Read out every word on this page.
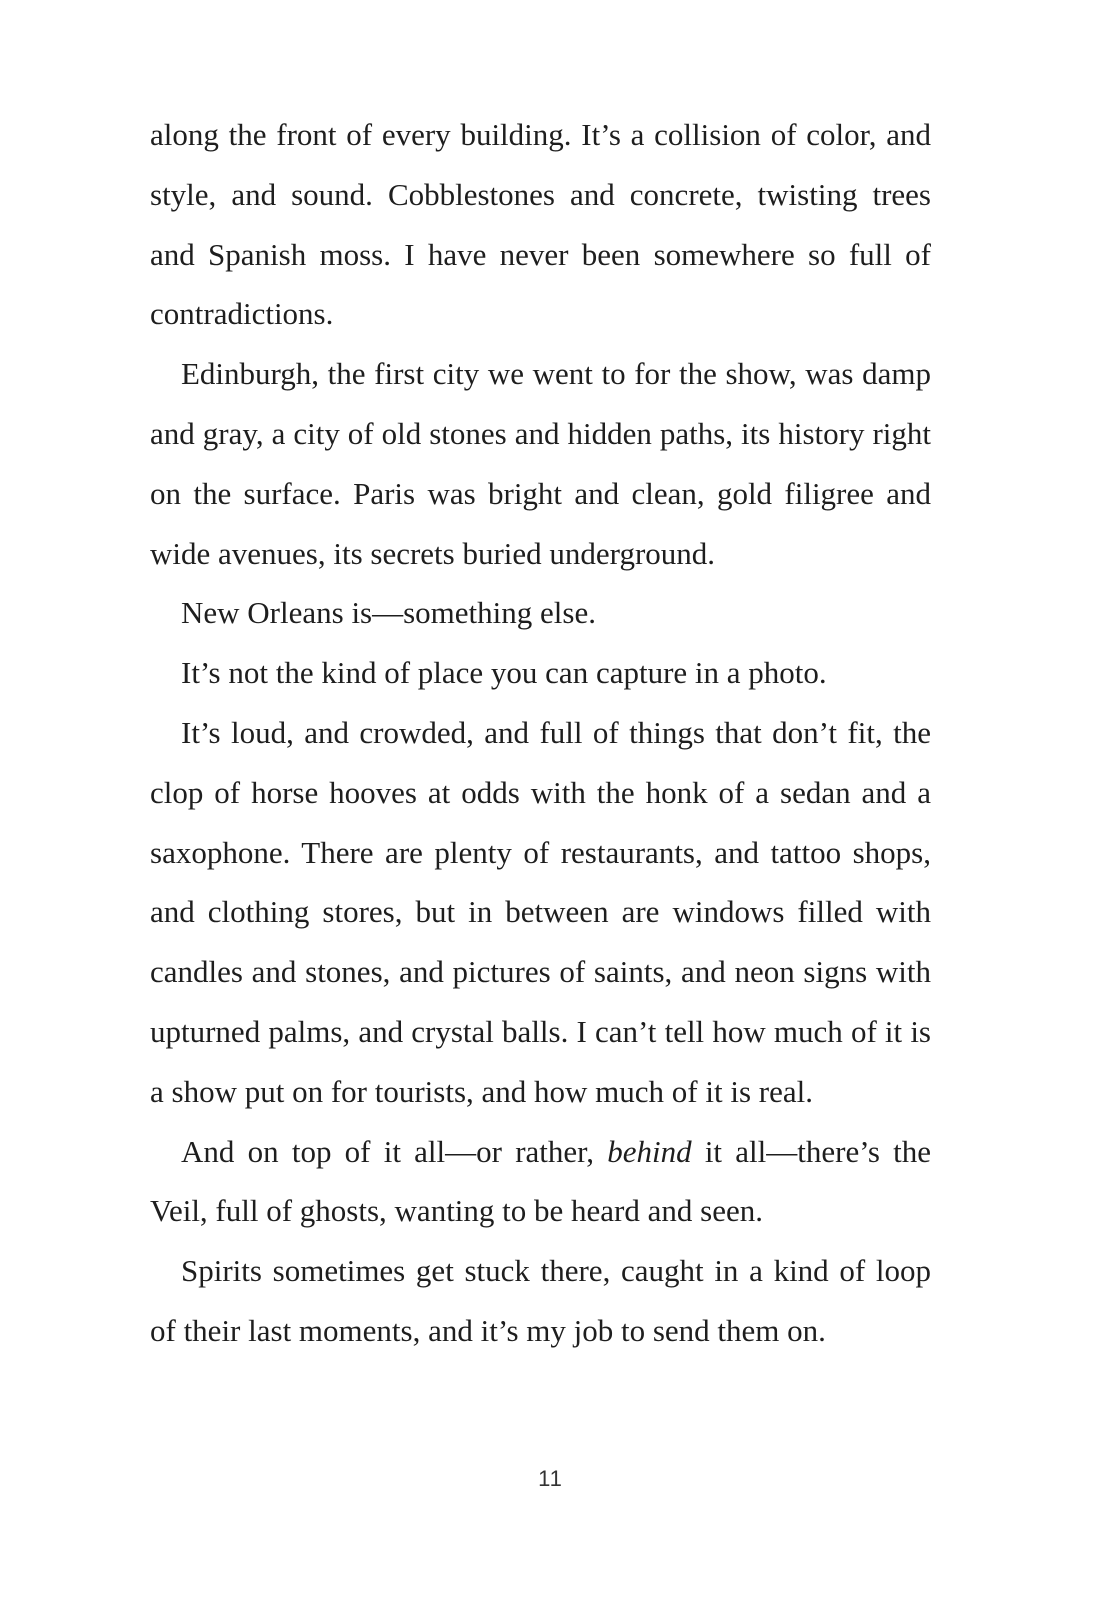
along the front of every building. It’s a collision of color, and style, and sound. Cobblestones and concrete, twisting trees and Spanish moss. I have never been somewhere so full of contradictions.

Edinburgh, the first city we went to for the show, was damp and gray, a city of old stones and hidden paths, its history right on the surface. Paris was bright and clean, gold filigree and wide avenues, its secrets buried underground.

New Orleans is—something else.

It’s not the kind of place you can capture in a photo.

It’s loud, and crowded, and full of things that don’t fit, the clop of horse hooves at odds with the honk of a sedan and a saxophone. There are plenty of restaurants, and tattoo shops, and clothing stores, but in between are windows filled with candles and stones, and pictures of saints, and neon signs with upturned palms, and crystal balls. I can’t tell how much of it is a show put on for tourists, and how much of it is real.

And on top of it all—or rather, behind it all—there’s the Veil, full of ghosts, wanting to be heard and seen.

Spirits sometimes get stuck there, caught in a kind of loop of their last moments, and it’s my job to send them on.

11
